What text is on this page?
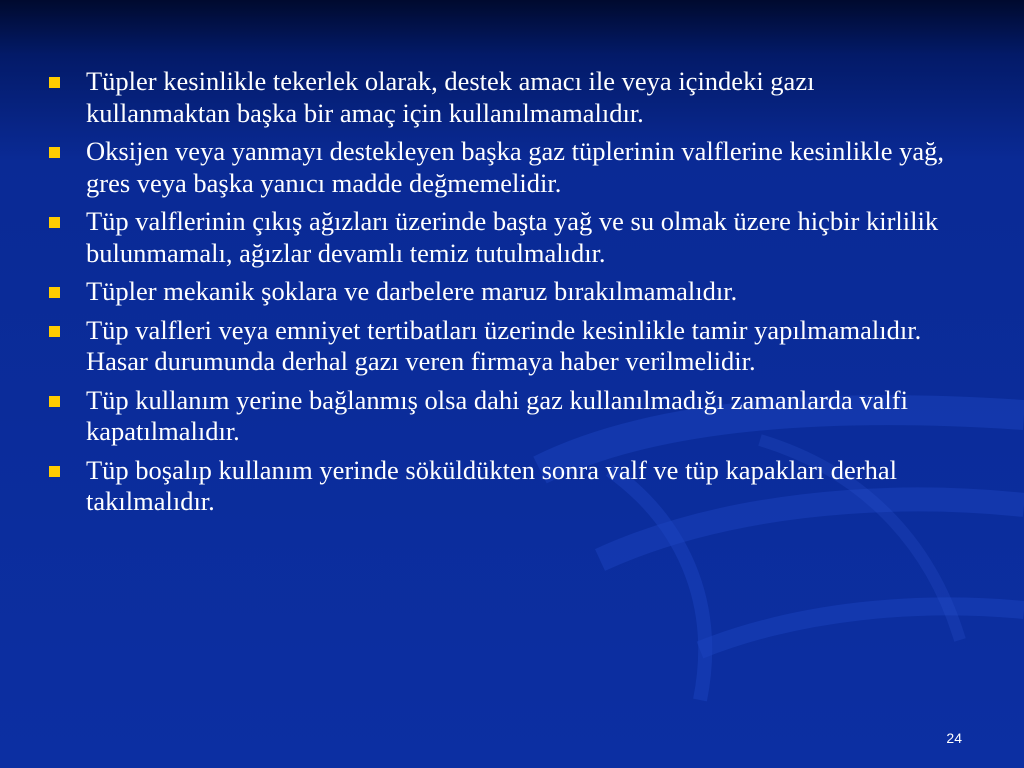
Tüpler kesinlikle tekerlek olarak, destek amacı ile veya içindeki gazı kullanmaktan başka bir amaç için kullanılmamalıdır.
Oksijen veya yanmayı destekleyen başka gaz tüplerinin valflerine kesinlikle yağ, gres veya başka yanıcı madde değmemelidir.
Tüp valflerinin çıkış ağızları üzerinde başta yağ ve su olmak üzere hiçbir kirlilik bulunmamalı, ağızlar devamlı temiz tutulmalıdır.
Tüpler mekanik şoklara ve darbelere maruz bırakılmamalıdır.
Tüp valfleri veya emniyet tertibatları üzerinde kesinlikle tamir yapılmamalıdır. Hasar durumunda derhal gazı veren firmaya haber verilmelidir.
Tüp kullanım yerine bağlanmış olsa dahi gaz kullanılmadığı zamanlarda valfi kapatılmalıdır.
Tüp boşalıp kullanım yerinde söküldükten sonra valf ve tüp kapakları derhal takılmalıdır.
24
